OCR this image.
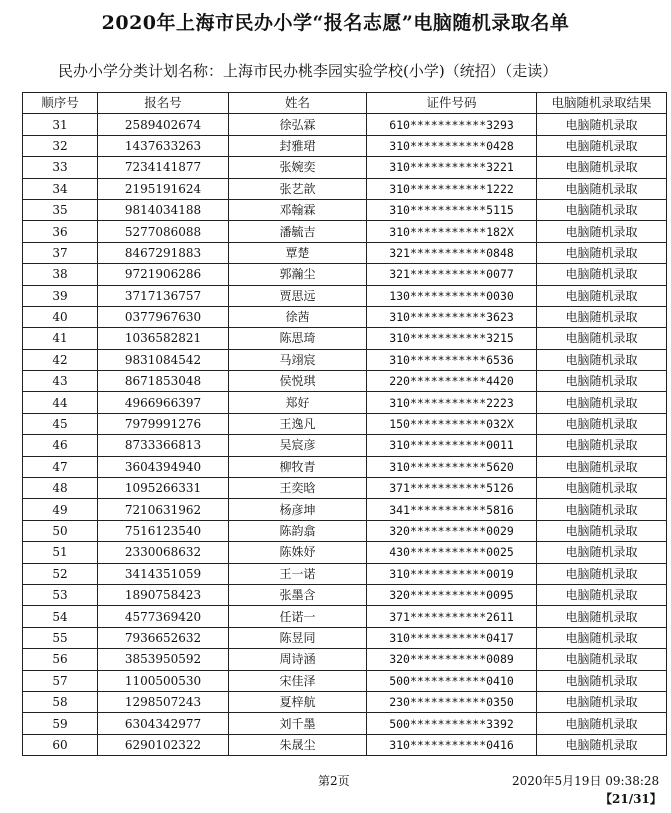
2020年上海市民办小学“报名志愿”电脑随机录取名单
民办小学分类计划名称：上海市民办桃李园实验学校(小学)（统招）（走读）
顺序号	报名号	姓名	证件号码	电脑随机录取结果
31	2589402674	徐弘霖	610***********3293	电脑随机录取
32	1437633263	封雅珺	310***********0428	电脑随机录取
33	7234141877	张婉奕	310***********3221	电脑随机录取
34	2195191624	张艺歆	310***********1222	电脑随机录取
35	9814034188	邓翰霖	310***********5115	电脑随机录取
36	5277086088	潘毓吉	310***********182X	电脑随机录取
37	8467291883	覃楚	321***********0848	电脑随机录取
38	9721906286	郭瀚尘	321***********0077	电脑随机录取
39	3717136757	贾思远	130***********0030	电脑随机录取
40	0377967630	徐茜	310***********3623	电脑随机录取
41	1036582821	陈思琦	310***********3215	电脑随机录取
42	9831084542	马翊宸	310***********6536	电脑随机录取
43	8671853048	侯悦琪	220***********4420	电脑随机录取
44	4966966397	郑好	310***********2223	电脑随机录取
45	7979991276	王逸凡	150***********032X	电脑随机录取
46	8733366813	吴宸彦	310***********0011	电脑随机录取
47	3604394940	柳牧青	310***********5620	电脑随机录取
48	1095266331	王奕晗	371***********5126	电脑随机录取
49	7210631962	杨彦坤	341***********5816	电脑随机录取
50	7516123540	陈韵翕	320***********0029	电脑随机录取
51	2330068632	陈姝妤	430***********0025	电脑随机录取
52	3414351059	王一诺	310***********0019	电脑随机录取
53	1890758423	张墨含	320***********0095	电脑随机录取
54	4577369420	任诺一	371***********2611	电脑随机录取
55	7936652632	陈昱同	310***********0417	电脑随机录取
56	3853950592	周诗涵	320***********0089	电脑随机录取
57	1100500530	宋佳泽	500***********0410	电脑随机录取
58	1298507243	夏梓航	230***********0350	电脑随机录取
59	6304342977	刘千墨	500***********3392	电脑随机录取
60	6290102322	朱晟尘	310***********0416	电脑随机录取
第2页	2020年5月19日 09:38:28
【21/31】
